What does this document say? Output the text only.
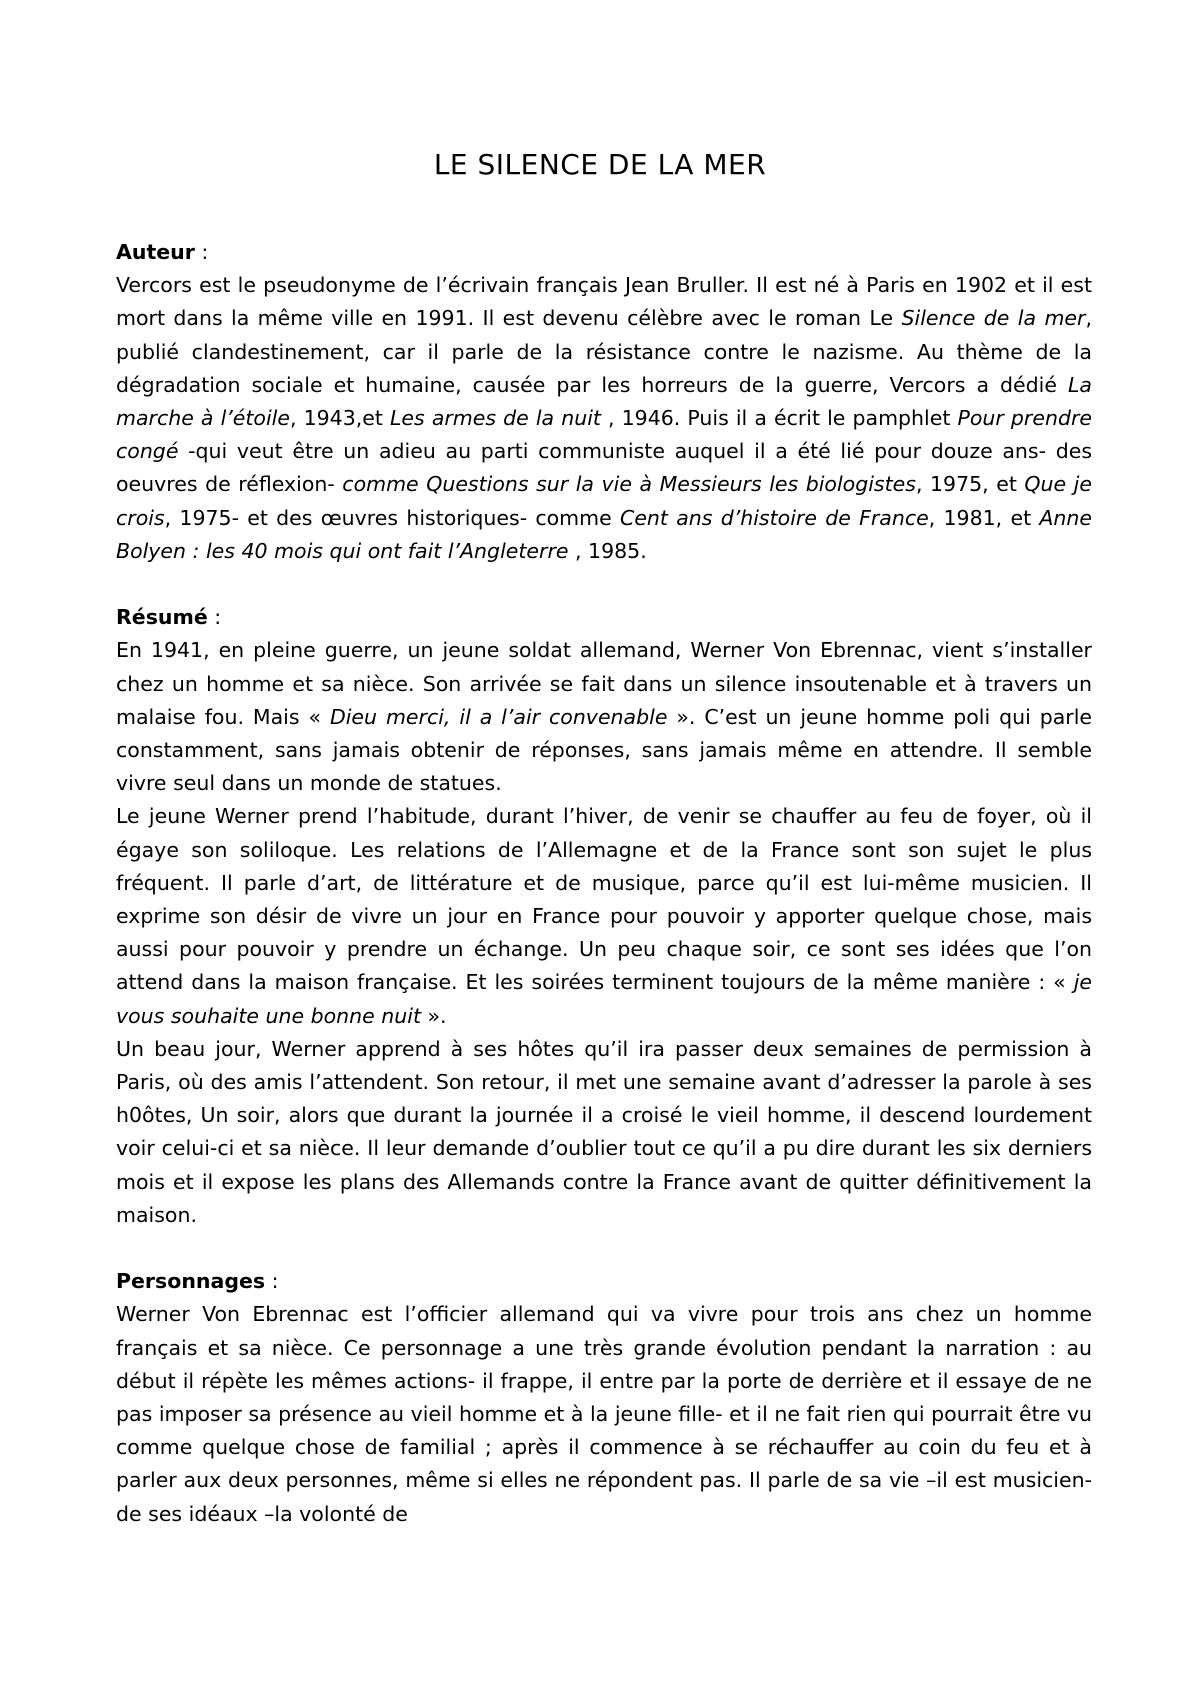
LE SILENCE DE LA MER

Auteur :

Vercors est le pseudonyme de l’écrivain français Jean Bruller. Il est né à Paris en 1902 et il est mort dans la même ville en 1991. Il est devenu célèbre avec le roman Le Silence de la mer, publié clandestinement, car il parle de la résistance contre le nazisme. Au thème de la dégradation sociale et humaine, causée par les horreurs de la guerre, Vercors a dédié La marche à l’étoile, 1943,et Les armes de la nuit , 1946. Puis il a écrit le pamphlet Pour prendre congé -qui veut être un adieu au parti communiste auquel il a été lié pour douze ans- des oeuvres de réflexion- comme Questions sur la vie à Messieurs les biologistes, 1975, et Que je crois, 1975- et des œuvres historiques- comme Cent ans d’histoire de France, 1981, et Anne Bolyen : les 40 mois qui ont fait l’Angleterre , 1985.

Résumé :

En 1941, en pleine guerre, un jeune soldat allemand, Werner Von Ebrennac, vient s’installer chez un homme et sa nièce. Son arrivée se fait dans un silence insoutenable et à travers un malaise fou. Mais « Dieu merci, il a l’air convenable ». C’est un jeune homme poli qui parle constamment, sans jamais obtenir de réponses, sans jamais même en attendre. Il semble vivre seul dans un monde de statues.

Le jeune Werner prend l’habitude, durant l’hiver, de venir se chauffer au feu de foyer, où il égaye son soliloque. Les relations de l’Allemagne et de la France sont son sujet le plus fréquent. Il parle d’art, de littérature et de musique, parce qu’il est lui-même musicien. Il exprime son désir de vivre un jour en France pour pouvoir y apporter quelque chose, mais aussi pour pouvoir y prendre un échange. Un peu chaque soir, ce sont ses idées que l’on attend dans la maison française. Et les soirées terminent toujours de la même manière : « je vous souhaite une bonne nuit ».

Un beau jour, Werner apprend à ses hôtes qu’il ira passer deux semaines de permission à Paris, où des amis l’attendent. Son retour, il met une semaine avant d’adresser la parole à ses h0ôtes, Un soir, alors que durant la journée il a croisé le vieil homme, il descend lourdement voir celui-ci et sa nièce. Il leur demande d’oublier tout ce qu’il a pu dire durant les six derniers mois et il expose les plans des Allemands contre la France avant de quitter définitivement la maison.

Personnages :

Werner Von Ebrennac est l’officier allemand qui va vivre pour trois ans chez un homme français et sa nièce. Ce personnage a une très grande évolution pendant la narration : au début il répète les mêmes actions- il frappe, il entre par la porte de derrière et il essaye de ne pas imposer sa présence au vieil homme et à la jeune fille- et il ne fait rien qui pourrait être vu comme quelque chose de familial ; après il commence à se réchauffer au coin du feu et à parler aux deux personnes, même si elles ne répondent pas. Il parle de sa vie –il est musicien- de ses idéaux –la volonté de
